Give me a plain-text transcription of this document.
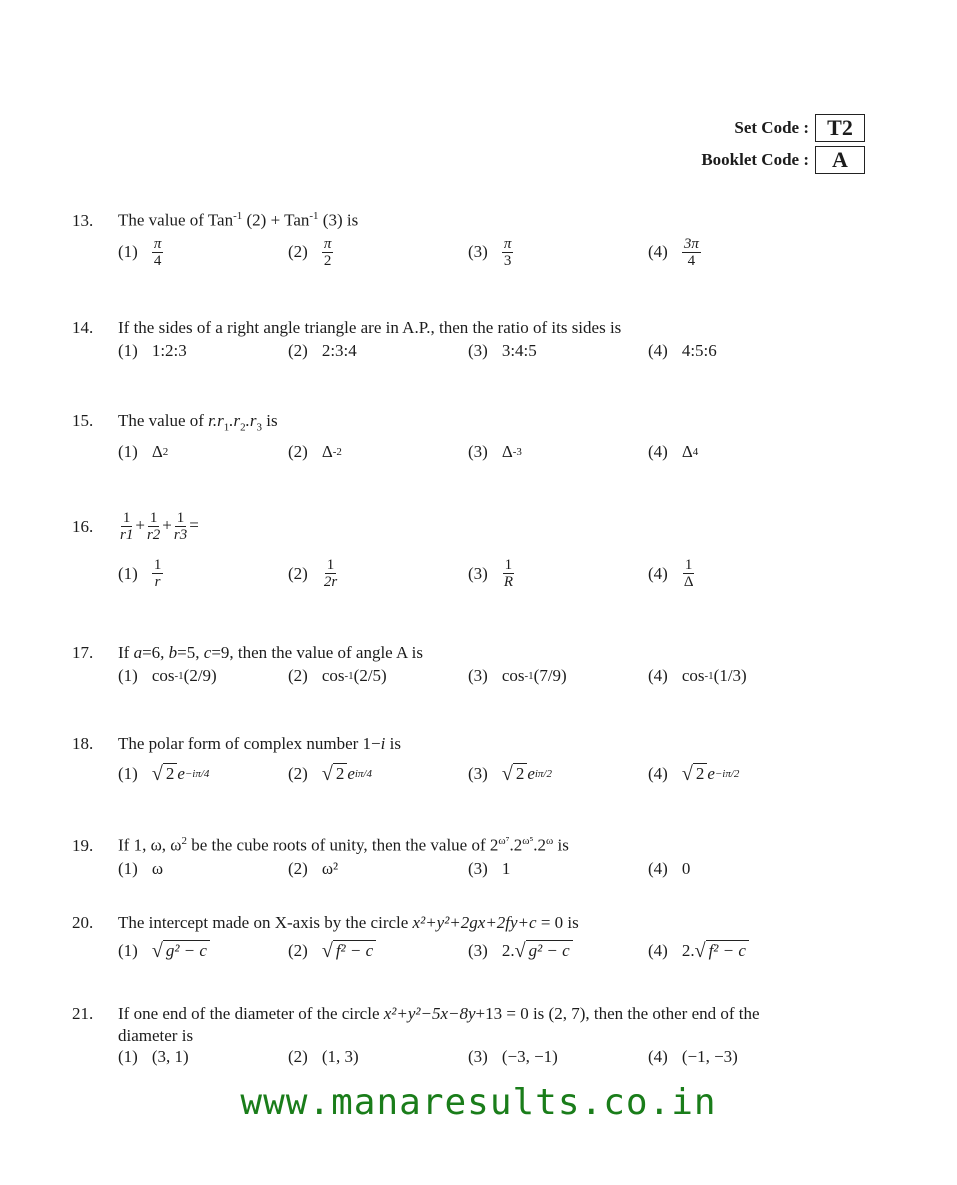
Set Code : T2
Booklet Code :	A
13.	The value of Tan$^{-1}$ (2) + Tan$^{-1}$ (3) is
$(1) \frac{\pi}{4}$	$(2) \frac{\pi}{2}$	$(3) \frac{\pi}{3}$	$(4) \frac{3\pi}{4}$
14.	If the sides of a right angle triangle are in A.P., then the ratio of its sides is
(1) 1:2:3	(2) 2:3:4	(3) 3:4:5	(4) 4:5:6
15.	The value of $r.r_1.r_2.r_3$ is
(1) Δ 2	(2) Δ -2	(3) Δ -3	(4) Δ 4
16.	$\frac{1}{r1} + \frac{1}{r2} + \frac{1}{r3}$ =
$(1) \frac{1}{r}$	$(2) \frac{1}{2r}$	$(3) \frac{1}{R}$	$(4) \frac{1}{\Delta}$
17.	If a=6, b=5, c=9, then the value of angle A is
(1) cos -1 (2/9)	(2) cos -1 (2/5)	(3) cos -1 (7/9)	(4) cos -1 (1/3)
18.	The polar form of complex number 1−i is
(1) √ 2 e −iπ/4	(2) √ 2 e iπ/4	(3) √ 2 e iπ/2	(4) √ 2 e −iπ/2
19.	If 1, ω, $\omega^2$ be the cube roots of unity, then the value of $2^{\omega^7}.2^{\omega^5}.2^\omega$ is
(1) ω	(2) ω²	(3) 1	(4) 0
20.	The intercept made on X-axis by the circle x²+y²+2gx+2fy+c = 0 is
(1) √ g² − c	(2) √ f² − c	(3) 2. √ g² − c	(4) 2. √ f² − c
21.	If one end of the diameter of the circle x²+y²−5x−8y+13 = 0 is (2, 7), then the other end of the
diameter is
(1) (3, 1)	(2) (1, 3)	(3) (−3, −1)	(4) (−1, −3)
www.manaresults.co.in
